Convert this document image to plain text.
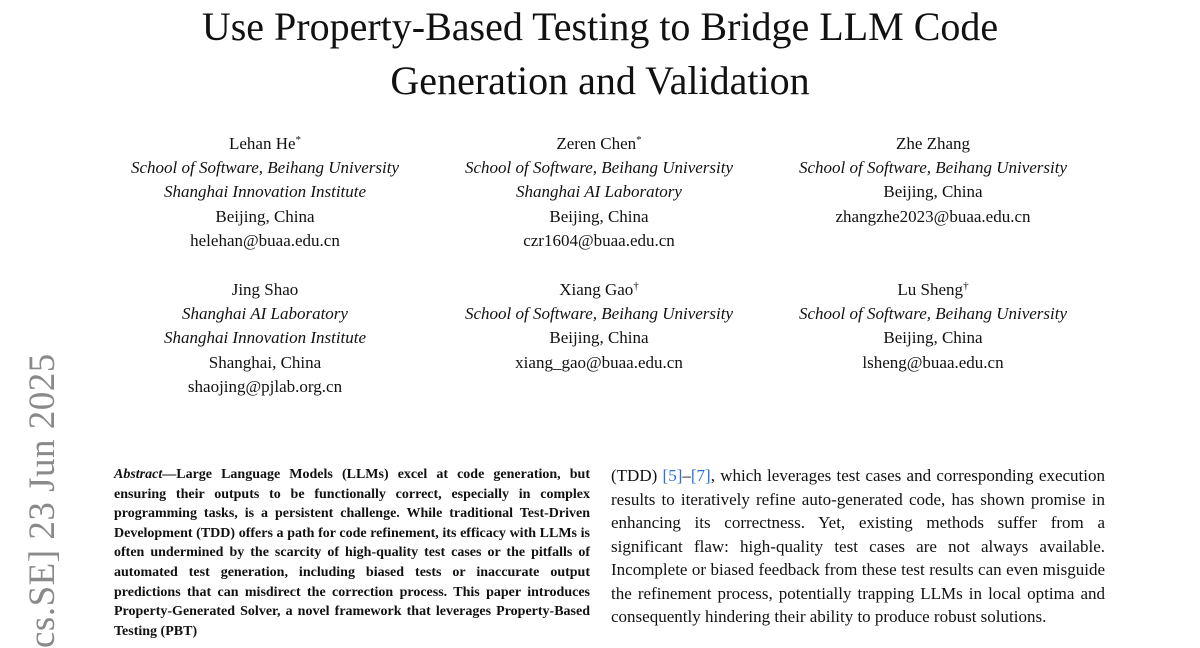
Use Property-Based Testing to Bridge LLM Code
Generation and Validation
Lehan He*
School of Software, Beihang University
Shanghai Innovation Institute
Beijing, China
helehan@buaa.edu.cn
Zeren Chen*
School of Software, Beihang University
Shanghai AI Laboratory
Beijing, China
czr1604@buaa.edu.cn
Zhe Zhang
School of Software, Beihang University
Beijing, China
zhangzhe2023@buaa.edu.cn
Jing Shao
Shanghai AI Laboratory
Shanghai Innovation Institute
Shanghai, China
shaojing@pjlab.org.cn
Xiang Gao†
School of Software, Beihang University
Beijing, China
xiang_gao@buaa.edu.cn
Lu Sheng†
School of Software, Beihang University
Beijing, China
lsheng@buaa.edu.cn
cs.SE] 23 Jun 2025	Abstract—Large Language Models (LLMs) excel at code generation, but ensuring their outputs to be functionally correct, especially in complex programming tasks, is a persistent challenge. While traditional Test-Driven Development (TDD) offers a path for code refinement, its efficacy with LLMs is often undermined by the scarcity of high-quality test cases or the pitfalls of automated test generation, including biased tests or inaccurate output predictions that can misdirect the correction process. This paper introduces Property-Generated Solver, a novel framework that leverages Property-Based Testing (PBT)
(TDD) [5]–[7], which leverages test cases and corresponding execution results to iteratively refine auto-generated code, has shown promise in enhancing its correctness. Yet, existing methods suffer from a significant flaw: high-quality test cases are not always available. Incomplete or biased feedback from these test results can even misguide the refinement process, potentially trapping LLMs in local optima and consequently hindering their ability to produce robust solutions.
